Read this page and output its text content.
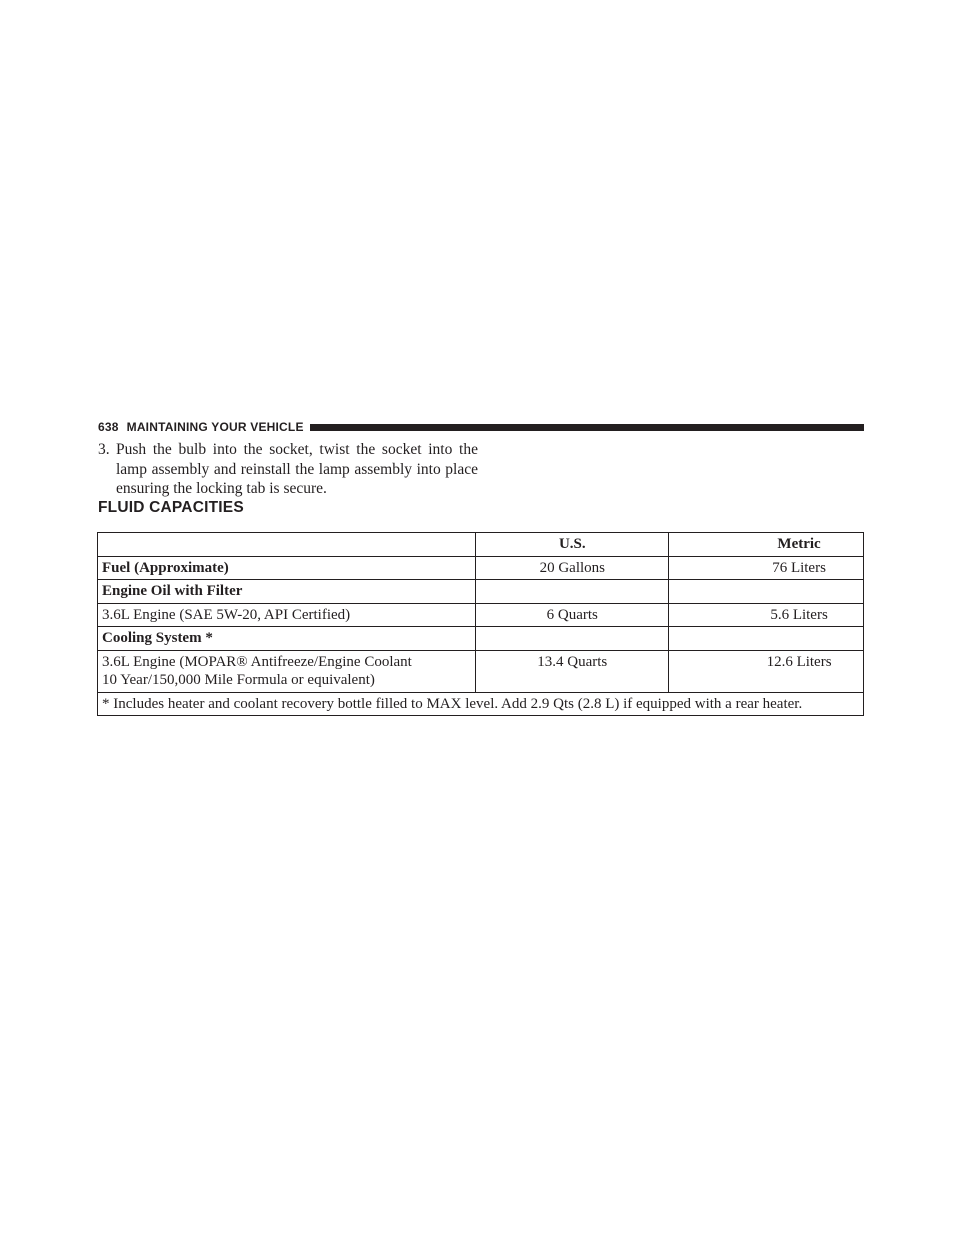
638 MAINTAINING YOUR VEHICLE
3. Push the bulb into the socket, twist the socket into the lamp assembly and reinstall the lamp assembly into place ensuring the locking tab is secure.
FLUID CAPACITIES
	U.S.	Metric
Fuel (Approximate)	20 Gallons	76 Liters
Engine Oil with Filter		
3.6L Engine (SAE 5W-20, API Certified)	6 Quarts	5.6 Liters
Cooling System *		
3.6L Engine (MOPAR® Antifreeze/Engine Coolant
10 Year/150,000 Mile Formula or equivalent)	13.4 Quarts	12.6 Liters
* Includes heater and coolant recovery bottle filled to MAX level. Add 2.9 Qts (2.8 L) if equipped with a rear heater.		
